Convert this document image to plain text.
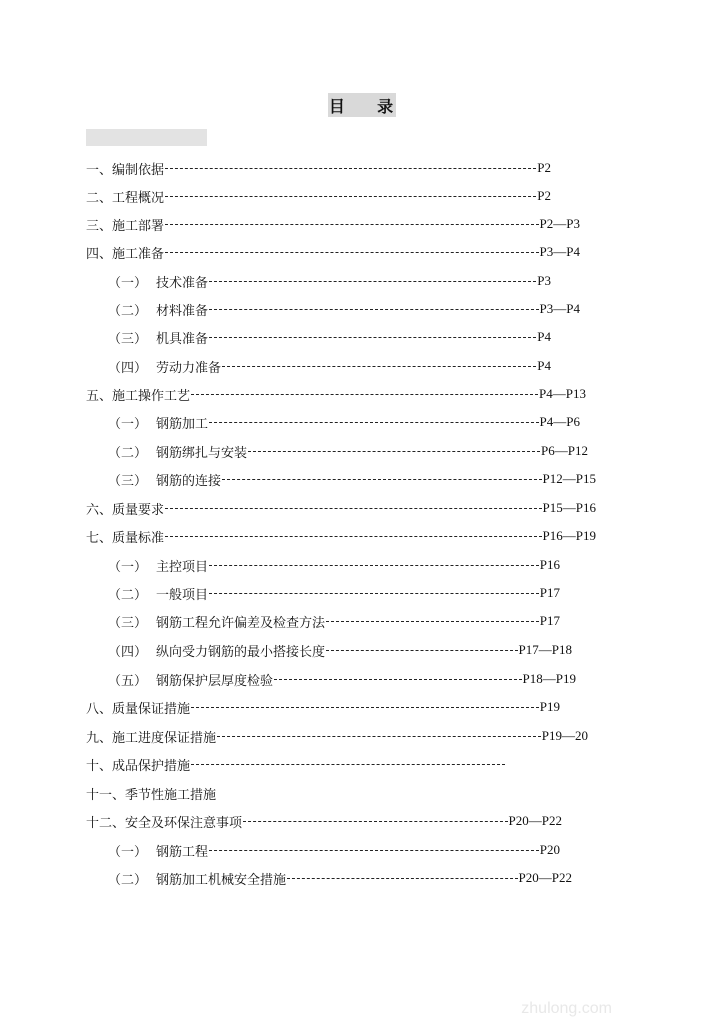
目    录
一、 编制依据	P2
二、 工程概况	P2
三、 施工部署	P2—P3
四、 施工准备	P3—P4
（一） 技术准备	P3
（二） 材料准备	P3—P4
（三） 机具准备	P4
（四） 劳动力准备	P4
五、 施工操作工艺	P4—P13
（一） 钢筋加工	P4—P6
（二） 钢筋绑扎与安装	P6—P12
（三） 钢筋的连接	P12—P15
六、 质量要求	P15—P16
七、 质量标准	P16—P19
（一） 主控项目	P16
（二） 一般项目	P17
（三） 钢筋工程允许偏差及检查方法	P17
（四） 纵向受力钢筋的最小搭接长度	P17—P18
（五） 钢筋保护层厚度检验	P18—P19
八、 质量保证措施	P19
九、 施工进度保证措施	P19—20
十、 成品保护措施
十一、 季节性施工措施
十二、 安全及环保注意事项	P20—P22
（一） 钢筋工程	P20
（二） 钢筋加工机械安全措施	P20—P22
zhulong.com
